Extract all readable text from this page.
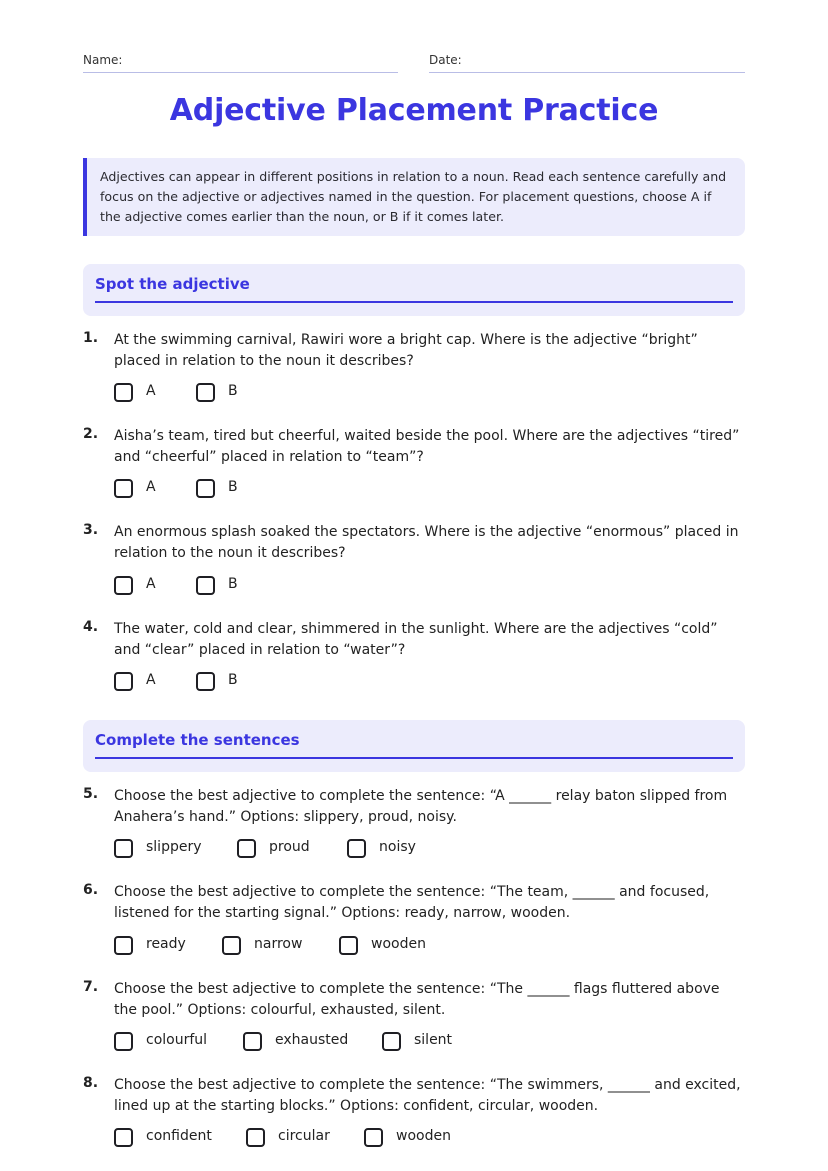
Name:	Date:
Adjective Placement Practice
Adjectives can appear in different positions in relation to a noun. Read each sentence carefully and focus on the adjective or adjectives named in the question. For placement questions, choose A if the adjective comes earlier than the noun, or B if it comes later.
Spot the adjective
1. At the swimming carnival, Rawiri wore a bright cap. Where is the adjective “bright” placed in relation to the noun it describes?
A	B
2. Aisha’s team, tired but cheerful, waited beside the pool. Where are the adjectives “tired” and “cheerful” placed in relation to “team”?
A	B
3. An enormous splash soaked the spectators. Where is the adjective “enormous” placed in relation to the noun it describes?
A	B
4. The water, cold and clear, shimmered in the sunlight. Where are the adjectives “cold” and “clear” placed in relation to “water”?
A	B
Complete the sentences
5. Choose the best adjective to complete the sentence: “A ______ relay baton slipped from Anahera’s hand.” Options: slippery, proud, noisy.
slippery	proud	noisy
6. Choose the best adjective to complete the sentence: “The team, ______ and focused, listened for the starting signal.” Options: ready, narrow, wooden.
ready	narrow	wooden
7. Choose the best adjective to complete the sentence: “The ______ flags fluttered above the pool.” Options: colourful, exhausted, silent.
colourful	exhausted	silent
8. Choose the best adjective to complete the sentence: “The swimmers, ______ and excited, lined up at the starting blocks.” Options: confident, circular, wooden.
confident	circular	wooden
